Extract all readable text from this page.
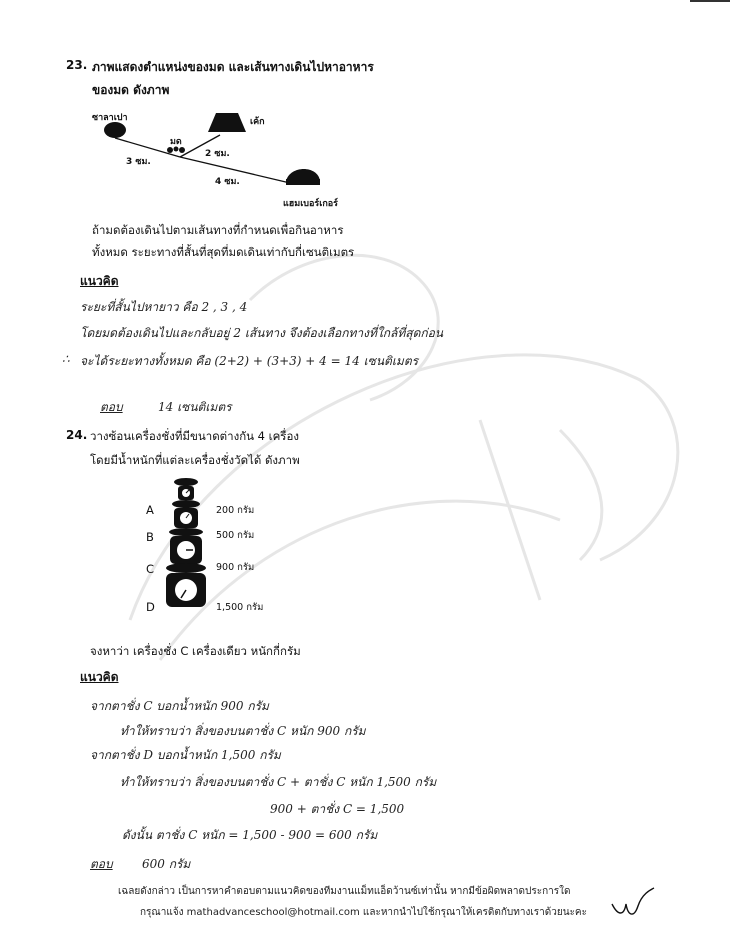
23. ภาพแสดงตำแหน่งของมด และเส้นทางเดินไปหาอาหาร
ของมด ดังภาพ
ซาลาเปา	เค้ก
มด
2 ซม.
3 ซม.
4 ซม.
แฮมเบอร์เกอร์
ถ้ามดต้องเดินไปตามเส้นทางที่กำหนดเพื่อกินอาหาร
ทั้งหมด ระยะทางที่สั้นที่สุดที่มดเดินเท่ากับกี่เซนติเมตร
แนวคิด
ระยะที่สั้นไปหายาว คือ 2 , 3 , 4
โดยมดต้องเดินไปและกลับอยู่ 2 เส้นทาง จึงต้องเลือกทางที่ใกล้ที่สุดก่อน
∴ จะได้ระยะทางทั้งหมด คือ (2+2) + (3+3) + 4 = 14 เซนติเมตร
ตอบ	14 เซนติเมตร
24. วางซ้อนเครื่องชั่งที่มีขนาดต่างกัน 4 เครื่อง
โดยมีน้ำหนักที่แต่ละเครื่องชั่งวัดได้ ดังภาพ
A	200 กรัม
B	500 กรัม
C	900 กรัม
D	1,500 กรัม
จงหาว่า เครื่องชั่ง C เครื่องเดียว หนักกี่กรัม
แนวคิด
จากตาชั่ง C บอกน้ำหนัก 900 กรัม
ทำให้ทราบว่า สิ่งของบนตาชั่ง C หนัก 900 กรัม
จากตาชั่ง D บอกน้ำหนัก 1,500 กรัม
ทำให้ทราบว่า สิ่งของบนตาชั่ง C + ตาชั่ง C หนัก 1,500 กรัม
900 + ตาชั่ง C = 1,500
ดังนั้น ตาชั่ง C หนัก = 1,500 - 900 = 600 กรัม
ตอบ 600 กรัม
เฉลยดังกล่าว เป็นการหาคำตอบตามแนวคิดของทีมงานแม็ทแอ็ดว้านซ์เท่านั้น หากมีข้อผิดพลาดประการใด
กรุณาแจ้ง mathadvanceschool@hotmail.com และหากนำไปใช้กรุณาให้เครดิตกับทางเราด้วยนะคะ
